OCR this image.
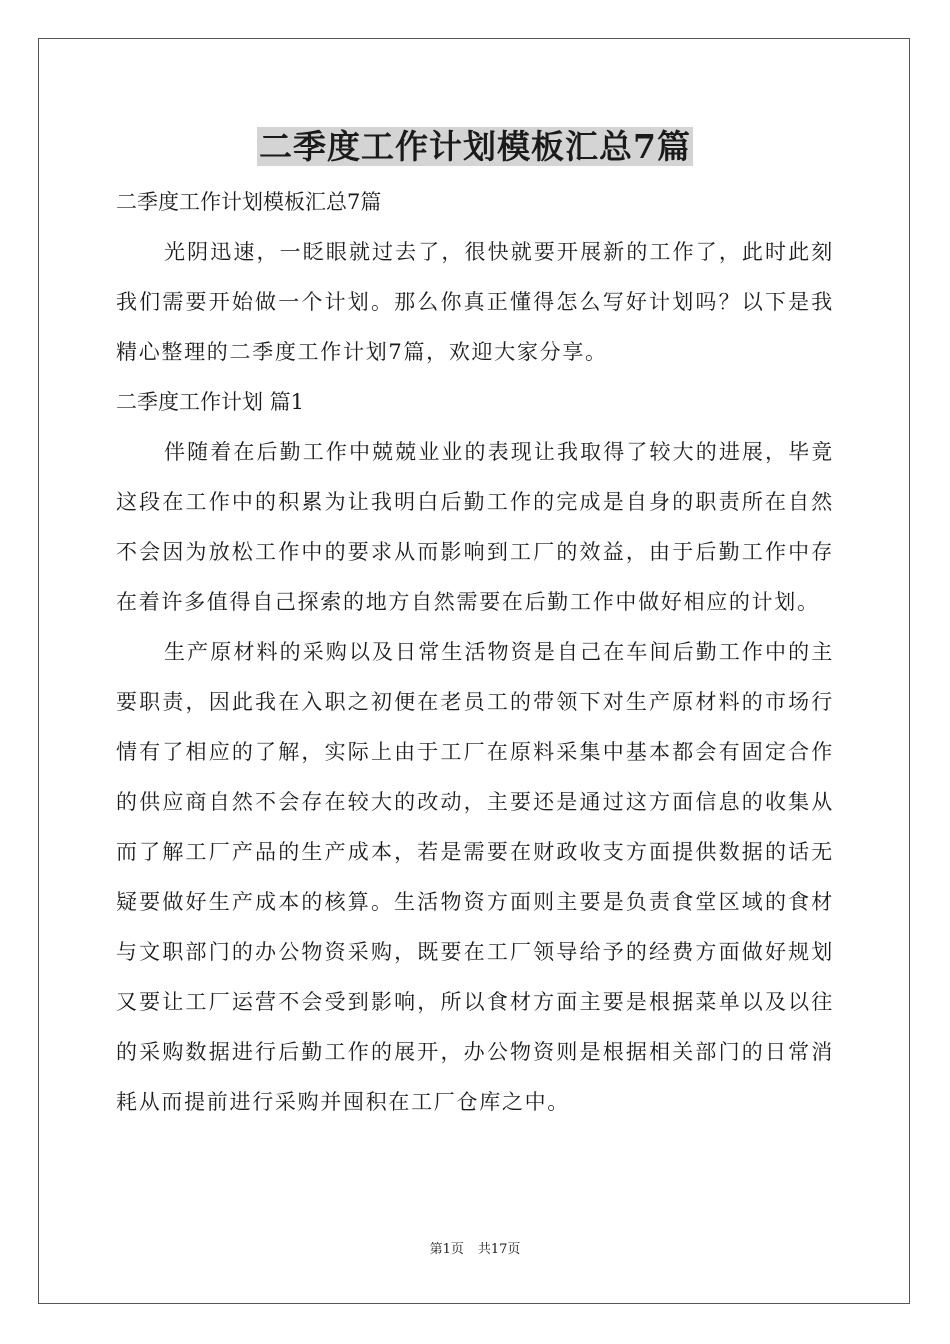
二季度工作计划模板汇总7篇

二季度工作计划模板汇总7篇

光阴迅速，一眨眼就过去了，很快就要开展新的工作了，此时此刻我们需要开始做一个计划。那么你真正懂得怎么写好计划吗？以下是我精心整理的二季度工作计划7篇，欢迎大家分享。

二季度工作计划 篇1

伴随着在后勤工作中兢兢业业的表现让我取得了较大的进展，毕竟这段在工作中的积累为让我明白后勤工作的完成是自身的职责所在自然不会因为放松工作中的要求从而影响到工厂的效益，由于后勤工作中存在着许多值得自己探索的地方自然需要在后勤工作中做好相应的计划。

生产原材料的采购以及日常生活物资是自己在车间后勤工作中的主要职责，因此我在入职之初便在老员工的带领下对生产原材料的市场行情有了相应的了解，实际上由于工厂在原料采集中基本都会有固定合作的供应商自然不会存在较大的改动，主要还是通过这方面信息的收集从而了解工厂产品的生产成本，若是需要在财政收支方面提供数据的话无疑要做好生产成本的核算。生活物资方面则主要是负责食堂区域的食材与文职部门的办公物资采购，既要在工厂领导给予的经费方面做好规划又要让工厂运营不会受到影响，所以食材方面主要是根据菜单以及以往的采购数据进行后勤工作的展开，办公物资则是根据相关部门的日常消耗从而提前进行采购并囤积在工厂仓库之中。

第1页 共17页
